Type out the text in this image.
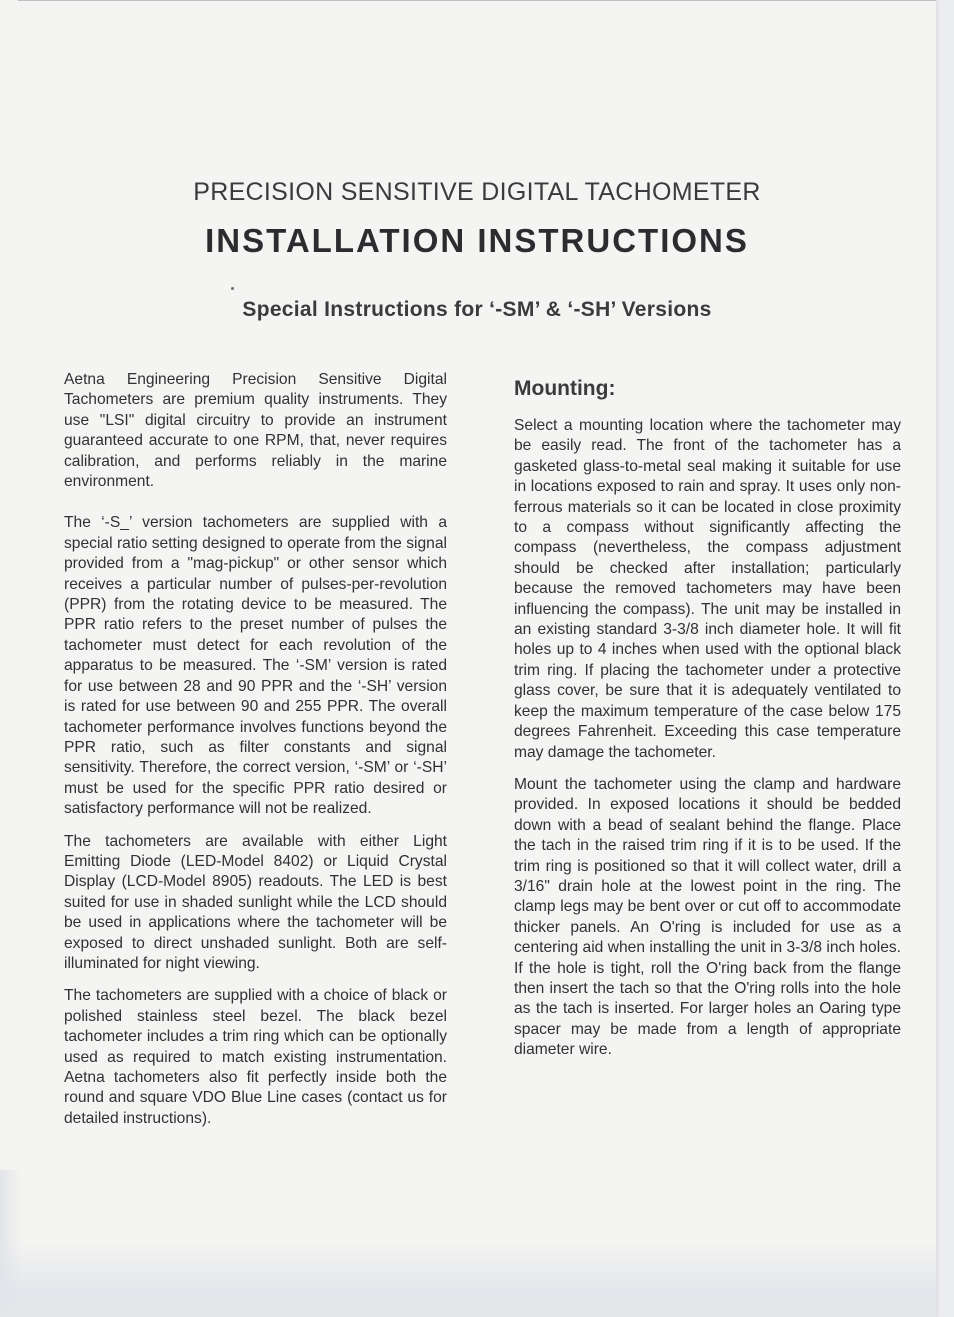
PRECISION SENSITIVE DIGITAL TACHOMETER
INSTALLATION INSTRUCTIONS
Special Instructions for ‘-SM’ & ‘-SH’ Versions

Aetna Engineering Precision Sensitive Digital Tachometers are premium quality instruments. They use "LSI" digital circuitry to provide an instrument guaranteed accurate to one RPM, that, never requires calibration, and performs reliably in the marine environment.

The ‘-S_’ version tachometers are supplied with a special ratio setting designed to operate from the signal provided from a "mag-pickup" or other sensor which receives a particular number of pulses-per-revolution (PPR) from the rotating device to be measured. The PPR ratio refers to the preset number of pulses the tachometer must detect for each revolution of the apparatus to be measured. The ‘-SM’ version is rated for use between 28 and 90 PPR and the ‘-SH’ version is rated for use between 90 and 255 PPR. The overall tachometer performance involves functions beyond the PPR ratio, such as filter constants and signal sensitivity. Therefore, the correct version, ‘-SM’ or ‘-SH’ must be used for the specific PPR ratio desired or satisfactory performance will not be realized.

The tachometers are available with either Light Emitting Diode (LED-Model 8402) or Liquid Crystal Display (LCD-Model 8905) readouts. The LED is best suited for use in shaded sunlight while the LCD should be used in applications where the tachometer will be exposed to direct unshaded sunlight. Both are self-illuminated for night viewing.

The tachometers are supplied with a choice of black or polished stainless steel bezel. The black bezel tachometer includes a trim ring which can be optionally used as required to match existing instrumentation. Aetna tachometers also fit perfectly inside both the round and square VDO Blue Line cases (contact us for detailed instructions).

Mounting:

Select a mounting location where the tachometer may be easily read. The front of the tachometer has a gasketed glass-to-metal seal making it suitable for use in locations exposed to rain and spray. It uses only non-ferrous materials so it can be located in close proximity to a compass without significantly affecting the compass (nevertheless, the compass adjustment should be checked after installation; particularly because the removed tachometers may have been influencing the compass). The unit may be installed in an existing standard 3-3/8 inch diameter hole. It will fit holes up to 4 inches when used with the optional black trim ring. If placing the tachometer under a protective glass cover, be sure that it is adequately ventilated to keep the maximum temperature of the case below 175 degrees Fahrenheit. Exceeding this case temperature may damage the tachometer.

Mount the tachometer using the clamp and hardware provided. In exposed locations it should be bedded down with a bead of sealant behind the flange. Place the tach in the raised trim ring if it is to be used. If the trim ring is positioned so that it will collect water, drill a 3/16" drain hole at the lowest point in the ring. The clamp legs may be bent over or cut off to accommodate thicker panels. An O'ring is included for use as a centering aid when installing the unit in 3-3/8 inch holes. If the hole is tight, roll the O'ring back from the flange then insert the tach so that the O'ring rolls into the hole as the tach is inserted. For larger holes an Oaring type spacer may be made from a length of appropriate diameter wire.
